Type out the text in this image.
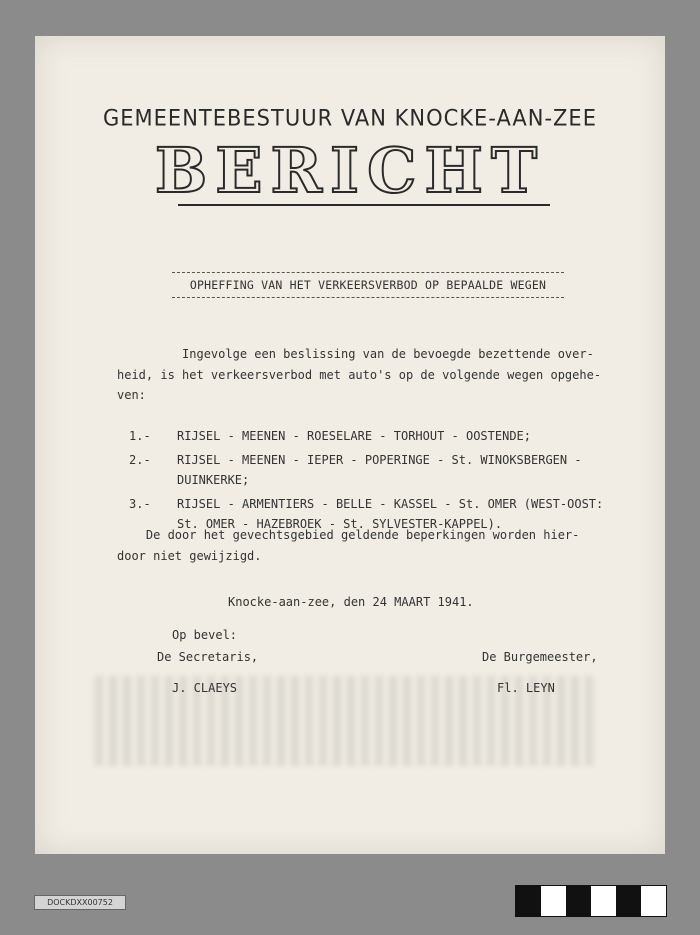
GEMEENTEBESTUUR VAN KNOCKE-AAN-ZEE
BERICHT
OPHEFFING VAN HET VERKEERSVERBOD OP BEPAALDE WEGEN
Ingevolge een beslissing van de bevoegde bezettende over-
heid, is het verkeersverbod met auto's op de volgende wegen opgehe-
ven:
1.-	RIJSEL - MEENEN - ROESELARE - TORHOUT - OOSTENDE;
2.-	RIJSEL - MEENEN - IEPER - POPERINGE - St. WINOKSBERGEN -
DUINKERKE;
3.-	RIJSEL - ARMENTIERS - BELLE - KASSEL - St. OMER (WEST-OOST:
St. OMER - HAZEBROEK - St. SYLVESTER-KAPPEL).
De door het gevechtsgebied geldende beperkingen worden hier-
door niet gewijzigd.
Knocke-aan-zee, den 24 MAART 1941.
Op bevel:
De Secretaris,
J. CLAEYS
De Burgemeester,
Fl. LEYN
DOCKDXX00752
